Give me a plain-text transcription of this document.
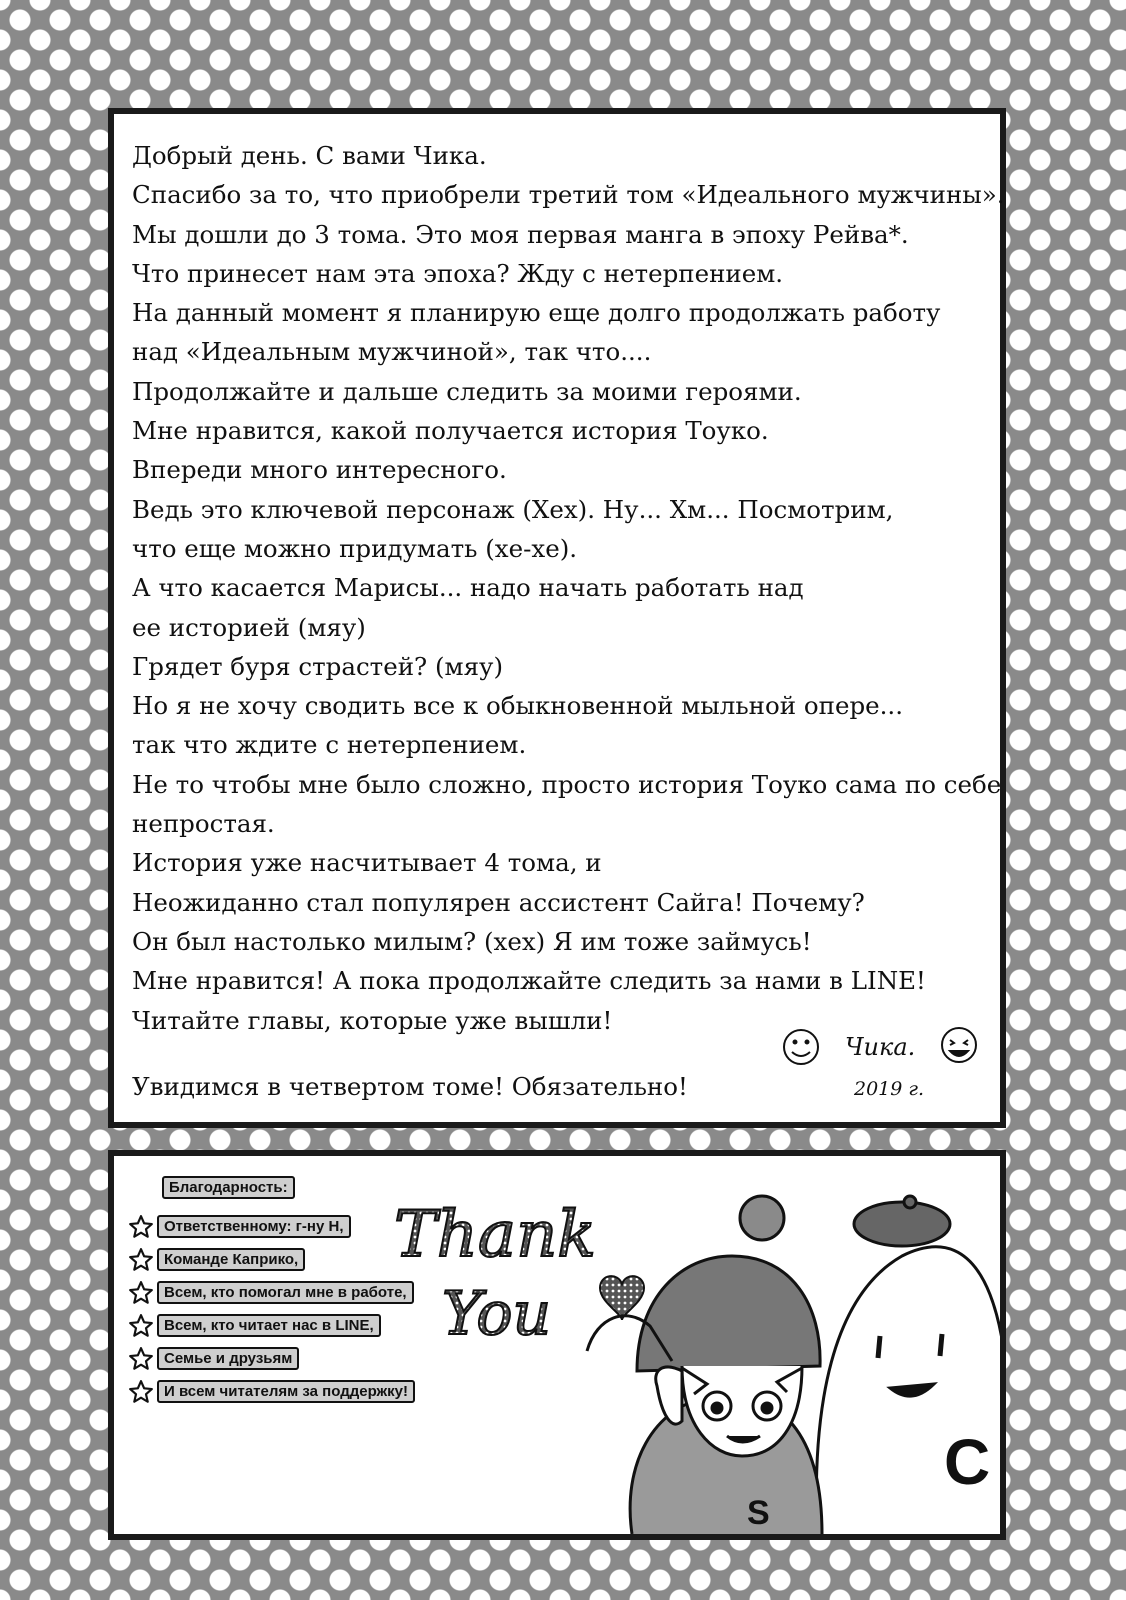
Добрый день. С вами Чика.
Спасибо за то, что приобрели третий том «Идеального мужчины».
Мы дошли до 3 тома. Это моя первая манга в эпоху Рейва*.
Что принесет нам эта эпоха? Жду с нетерпением.
На данный момент я планирую еще долго продолжать работу
над «Идеальным мужчиной», так что....
Продолжайте и дальше следить за моими героями.
Мне нравится, какой получается история Тоуко.
Впереди много интересного.
Ведь это ключевой персонаж (Хех). Ну... Хм... Посмотрим,
что еще можно придумать (хе-хе).
А что касается Марисы... надо начать работать над
ее историей (мяу)
Грядет буря страстей? (мяу)
Но я не хочу сводить все к обыкновенной мыльной опере...
так что ждите с нетерпением.
Не то чтобы мне было сложно, просто история Тоуко сама по себе
непростая.
История уже насчитывает 4 тома, и
Неожиданно стал популярен ассистент Сайга! Почему?
Он был настолько милым? (хех) Я им тоже займусь!
Мне нравится! А пока продолжайте следить за нами в LINE!
Читайте главы, которые уже вышли!
Чика.
2019 г.
Увидимся в четвертом томе! Обязательно!
Благодарность:
Ответственному: г-ну Н,
Команде Каприко,
Всем, кто помогал мне в работе,
Всем, кто читает нас в LINE,
Семье и друзьям
И всем читателям за поддержку!
Thank
You
S
C
